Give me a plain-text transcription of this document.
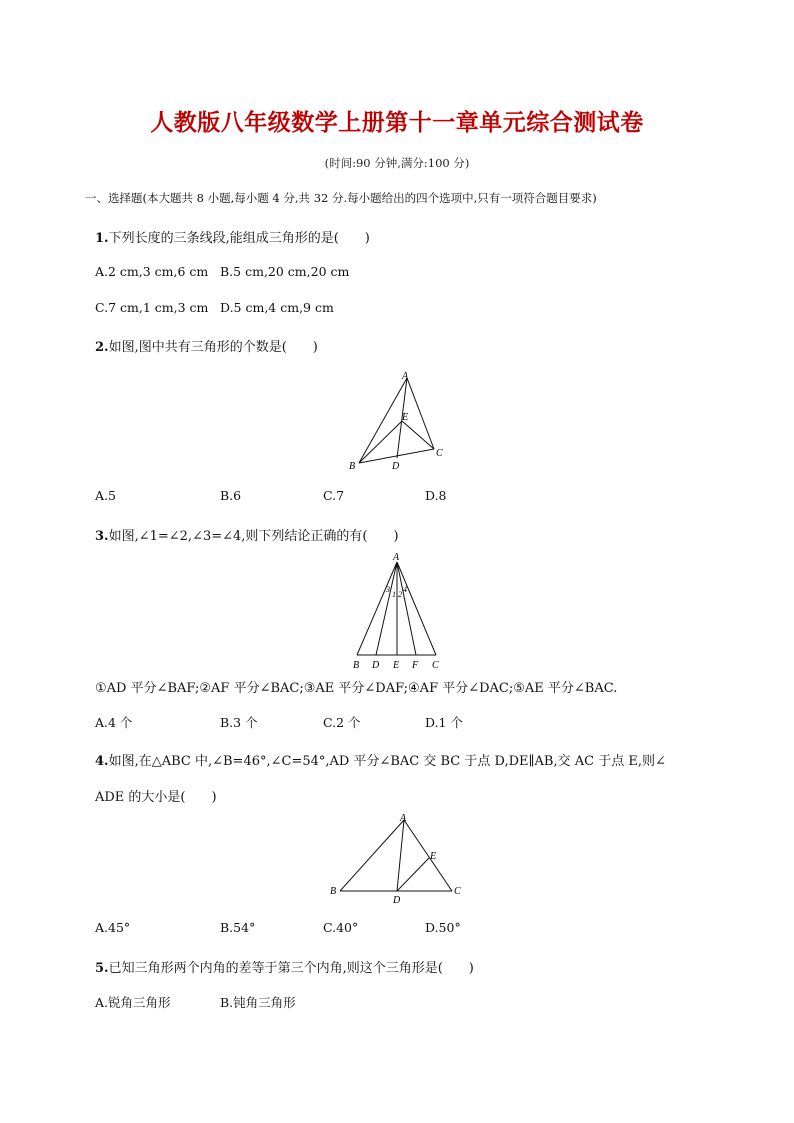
人教版八年级数学上册第十一章单元综合测试卷
(时间:90 分钟,满分:100 分)
一、选择题(本大题共 8 小题,每小题 4 分,共 32 分.每小题给出的四个选项中,只有一项符合题目要求)
1.下列长度的三条线段,能组成三角形的是(　　)
A.2 cm,3 cm,6 cm B.5 cm,20 cm,20 cm
C.7 cm,1 cm,3 cm D.5 cm,4 cm,9 cm
2.如图,图中共有三角形的个数是(　　)
A
E
B	D
C
A.5	B.6	C.7	D.8
3.如图,∠1=∠2,∠3=∠4,则下列结论正确的有(　　)
A
3
1 2
4
B D E F C
①AD 平分∠BAF;②AF 平分∠BAC;③AE 平分∠DAF;④AF 平分∠DAC;⑤AE 平分∠BAC.
A.4 个	B.3 个	C.2 个	D.1 个
4.如图,在△ABC 中,∠B=46°,∠C=54°,AD 平分∠BAC 交 BC 于点 D,DE∥AB,交 AC 于点 E,则∠
ADE 的大小是(　　)
A
E
B
D
C
A.45°	B.54°	C.40°	D.50°
5.已知三角形两个内角的差等于第三个内角,则这个三角形是(　　)
A.锐角三角形	B.钝角三角形
